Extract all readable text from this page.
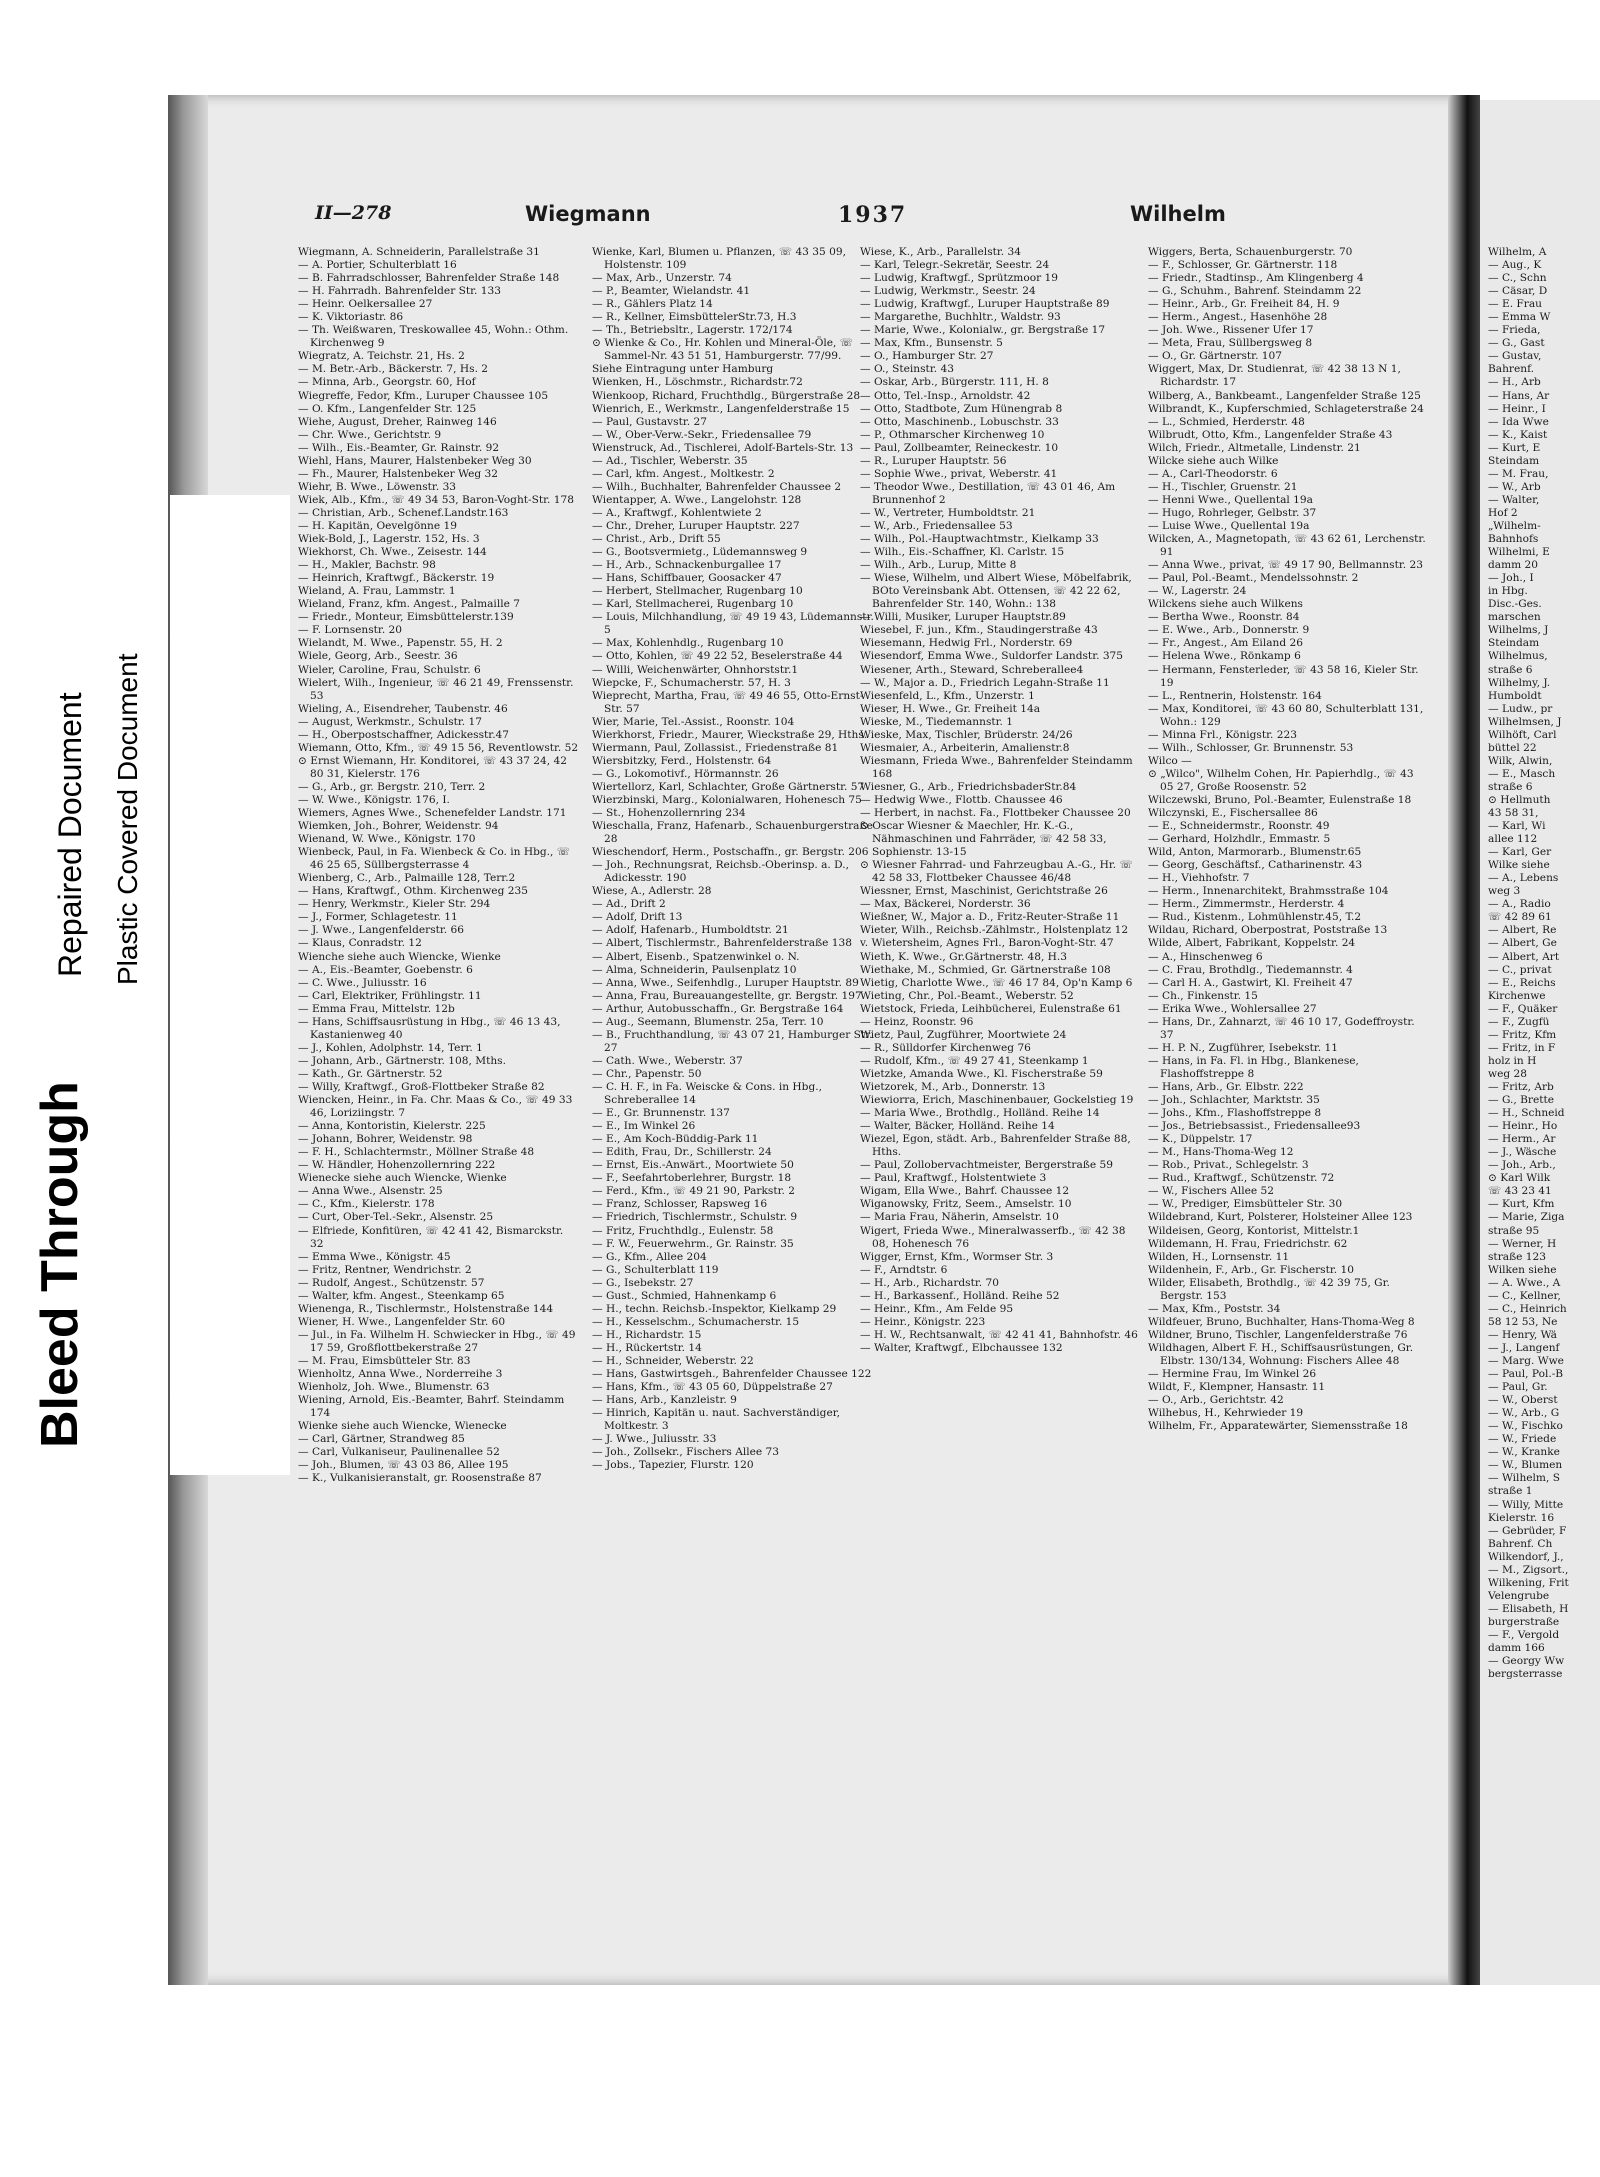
Wilhelm, A

— Aug., K

— C., Schn

— Cäsar, D

— E. Frau

— Emma W

— Frieda,

— G., Gast

— Gustav,

Bahrenf.

— H., Arb

— Hans, Ar

— Heinr., I

— Ida Wwe

— K., Kaist

— Kurt, E

Steindam

— M. Frau,

— W., Arb

— Walter,

Hof 2

„Wilhelm-

Bahnhofs

Wilhelmi, E

damm 20

— Joh., I

in Hbg.

Disc.-Ges.

marschen

Wilhelms, J

Steindam

Wilhelmus,

straße 6

Wilhelmy, J.

Humboldt

— Ludw., pr

Wilhelmsen, J

Wilhöft, Carl

büttel 22

Wilk, Alwin,

— E., Masch

straße 6

⊙ Hellmuth

43 58 31,

— Karl, Wi

allee 112

— Karl, Ger

Wilke siehe

— A., Lebens

weg 3

— A., Radio

☏ 42 89 61

— Albert, Re

— Albert, Ge

— Albert, Art

— C., privat

— E., Reichs

Kirchenwe

— F., Quäker

— F., Zugfü

— Fritz, Kfm

— Fritz, in F

holz in H

weg 28

— Fritz, Arb

— G., Brette

— H., Schneid

— Heinr., Ho

— Herm., Ar

— J., Wäsche

— Joh., Arb.,

⊙ Karl Wilk

☏ 43 23 41

— Kurt, Kfm

— Marie, Ziga

straße 95

— Werner, H

straße 123

Wilken siehe

— A. Wwe., A

— C., Kellner,

— C., Heinrich

58 12 53, Ne

— Henry, Wä

— J., Langenf

— Marg. Wwe

— Paul, Pol.-B

— Paul, Gr.

— W., Oberst

— W., Arb., G

— W., Fischko

— W., Friede

— W., Kranke

— W., Blumen

— Wilhelm, S

straße 1

— Willy, Mitte

Kielerstr. 16

— Gebrüder, F

Bahrenf. Ch

Wilkendorf, J.,

— M., Zigsort.,

Wilkening, Frit

Velengrube

— Elisabeth, H

burgerstraße

— F., Vergold

damm 166

— Georgy Ww

bergsterrasse

II—278	Wiegmann	1937	Wilhelm

Wiegmann, A. Schneiderin, Parallelstraße 31

— A. Portier, Schulterblatt 16

— B. Fahrradschlosser, Bahrenfelder Straße 148

— H. Fahrradh. Bahrenfelder Str. 133

— Heinr. Oelkersallee 27

— K. Viktoriastr. 86

— Th. Weißwaren, Treskowallee 45, Wohn.: Othm. Kirchenweg 9

Wiegratz, A. Teichstr. 21, Hs. 2

— M. Betr.-Arb., Bäckerstr. 7, Hs. 2

— Minna, Arb., Georgstr. 60, Hof

Wiegreffe, Fedor, Kfm., Luruper Chaussee 105

— O. Kfm., Langenfelder Str. 125

Wiehe, August, Dreher, Rainweg 146

— Chr. Wwe., Gerichtstr. 9

— Wilh., Eis.-Beamter, Gr. Rainstr. 92

Wiehl, Hans, Maurer, Halstenbeker Weg 30

— Fh., Maurer, Halstenbeker Weg 32

Wiehr, B. Wwe., Löwenstr. 33

Wiek, Alb., Kfm., ☏ 49 34 53, Baron-Voght-Str. 178

— Christian, Arb., Schenef.Landstr.163

— H. Kapitän, Oevelgönne 19

Wiek-Bold, J., Lagerstr. 152, Hs. 3

Wiekhorst, Ch. Wwe., Zeisestr. 144

— H., Makler, Bachstr. 98

— Heinrich, Kraftwgf., Bäckerstr. 19

Wieland, A. Frau, Lammstr. 1

Wieland, Franz, kfm. Angest., Palmaille 7

— Friedr., Monteur, Eimsbüttelerstr.139

— F. Lornsenstr. 20

Wielandt, M. Wwe., Papenstr. 55, H. 2

Wiele, Georg, Arb., Seestr. 36

Wieler, Caroline, Frau, Schulstr. 6

Wielert, Wilh., Ingenieur, ☏ 46 21 49, Frenssenstr. 53

Wieling, A., Eisendreher, Taubenstr. 46

— August, Werkmstr., Schulstr. 17

— H., Oberpostschaffner, Adickesstr.47

Wiemann, Otto, Kfm., ☏ 49 15 56, Reventlowstr. 52

⊙ Ernst Wiemann, Hr. Konditorei, ☏ 43 37 24, 42 80 31, Kielerstr. 176

— G., Arb., gr. Bergstr. 210, Terr. 2

— W. Wwe., Königstr. 176, I.

Wiemers, Agnes Wwe., Schenefelder Landstr. 171

Wiemken, Joh., Bohrer, Weidenstr. 94

Wienand, W. Wwe., Königstr. 170

Wienbeck, Paul, in Fa. Wienbeck & Co. in Hbg., ☏ 46 25 65, Süllbergsterrasse 4

Wienberg, C., Arb., Palmaille 128, Terr.2

— Hans, Kraftwgf., Othm. Kirchenweg 235

— Henry, Werkmstr., Kieler Str. 294

— J., Former, Schlagetestr. 11

— J. Wwe., Langenfelderstr. 66

— Klaus, Conradstr. 12

Wienche siehe auch Wiencke, Wienke

— A., Eis.-Beamter, Goebenstr. 6

— C. Wwe., Juliusstr. 16

— Carl, Elektriker, Frühlingstr. 11

— Emma Frau, Mittelstr. 12b

— Hans, Schiffsausrüstung in Hbg., ☏ 46 13 43, Kastanienweg 40

— J., Kohlen, Adolphstr. 14, Terr. 1

— Johann, Arb., Gärtnerstr. 108, Mths.

— Kath., Gr. Gärtnerstr. 52

— Willy, Kraftwgf., Groß-Flottbeker Straße 82

Wiencken, Heinr., in Fa. Chr. Maas & Co., ☏ 49 33 46, Loriziingstr. 7

— Anna, Kontoristin, Kielerstr. 225

— Johann, Bohrer, Weidenstr. 98

— F. H., Schlachtermstr., Möllner Straße 48

— W. Händler, Hohenzollernring 222

Wienecke siehe auch Wiencke, Wienke

— Anna Wwe., Alsenstr. 25

— C., Kfm., Kielerstr. 178

— Curt, Ober-Tel.-Sekr., Alsenstr. 25

— Elfriede, Konfitüren, ☏ 42 41 42, Bismarckstr. 32

— Emma Wwe., Königstr. 45

— Fritz, Rentner, Wendrichstr. 2

— Rudolf, Angest., Schützenstr. 57

— Walter, kfm. Angest., Steenkamp 65

Wienenga, R., Tischlermstr., Holstenstraße 144

Wiener, H. Wwe., Langenfelder Str. 60

— Jul., in Fa. Wilhelm H. Schwiecker in Hbg., ☏ 49 17 59, Großflottbekerstraße 27

— M. Frau, Eimsbütteler Str. 83

Wienholtz, Anna Wwe., Norderreihe 3

Wienholz, Joh. Wwe., Blumenstr. 63

Wiening, Arnold, Eis.-Beamter, Bahrf. Steindamm 174

Wienke siehe auch Wiencke, Wienecke

— Carl, Gärtner, Strandweg 85

— Carl, Vulkaniseur, Paulinenallee 52

— Joh., Blumen, ☏ 43 03 86, Allee 195

— K., Vulkanisieranstalt, gr. Roosenstraße 87

Wienke, Karl, Blumen u. Pflanzen, ☏ 43 35 09, Holstenstr. 109

— Max, Arb., Unzerstr. 74

— P., Beamter, Wielandstr. 41

— R., Gählers Platz 14

— R., Kellner, EimsbüttelerStr.73, H.3

— Th., Betriebsltr., Lagerstr. 172/174

⊙ Wienke & Co., Hr. Kohlen und Mineral-Öle, ☏ Sammel-Nr. 43 51 51, Hamburgerstr. 77/99.

Siehe Eintragung unter Hamburg

Wienken, H., Löschmstr., Richardstr.72

Wienkoop, Richard, Fruchthdlg., Bürgerstraße 28

Wienrich, E., Werkmstr., Langenfelderstraße 15

— Paul, Gustavstr. 27

— W., Ober-Verw.-Sekr., Friedensallee 79

Wienstruck, Ad., Tischlerei, Adolf-Bartels-Str. 13

— Ad., Tischler, Weberstr. 35

— Carl, kfm. Angest., Moltkestr. 2

— Wilh., Buchhalter, Bahrenfelder Chaussee 2

Wientapper, A. Wwe., Langelohstr. 128

— A., Kraftwgf., Kohlentwiete 2

— Chr., Dreher, Luruper Hauptstr. 227

— Christ., Arb., Drift 55

— G., Bootsvermietg., Lüdemannsweg 9

— H., Arb., Schnackenburgallee 17

— Hans, Schiffbauer, Goosacker 47

— Herbert, Stellmacher, Rugenbarg 10

— Karl, Stellmacherei, Rugenbarg 10

— Louis, Milchhandlung, ☏ 49 19 43, Lüdemannstr. 5

— Max, Kohlenhdlg., Rugenbarg 10

— Otto, Kohlen, ☏ 49 22 52, Beselerstraße 44

— Willi, Weichenwärter, Ohnhorststr.1

Wiepcke, F., Schumacherstr. 57, H. 3

Wieprecht, Martha, Frau, ☏ 49 46 55, Otto-Ernst-Str. 57

Wier, Marie, Tel.-Assist., Roonstr. 104

Wierkhorst, Friedr., Maurer, Wieckstraße 29, Hths.

Wiermann, Paul, Zollassist., Friedenstraße 81

Wiersbitzky, Ferd., Holstenstr. 64

— G., Lokomotivf., Hörmannstr. 26

Wiertellorz, Karl, Schlachter, Große Gärtnerstr. 57

Wierzbinski, Marg., Kolonialwaren, Hohenesch 75

— St., Hohenzollernring 234

Wieschalla, Franz, Hafenarb., Schauenburgerstraße 28

Wieschendorf, Herm., Postschaffn., gr. Bergstr. 206

— Joh., Rechnungsrat, Reichsb.-Oberinsp. a. D., Adickesstr. 190

Wiese, A., Adlerstr. 28

— Ad., Drift 2

— Adolf, Drift 13

— Adolf, Hafenarb., Humboldtstr. 21

— Albert, Tischlermstr., Bahrenfelderstraße 138

— Albert, Eisenb., Spatzenwinkel o. N.

— Alma, Schneiderin, Paulsenplatz 10

— Anna, Wwe., Seifenhdlg., Luruper Hauptstr. 89

— Anna, Frau, Bureauangestellte, gr. Bergstr. 197

— Arthur, Autobusschaffn., Gr. Bergstraße 164

— Aug., Seemann, Blumenstr. 25a, Terr. 10

— B., Fruchthandlung, ☏ 43 07 21, Hamburger Str. 27

— Cath. Wwe., Weberstr. 37

— Chr., Papenstr. 50

— C. H. F., in Fa. Weiscke & Cons. in Hbg., Schreberallee 14

— E., Gr. Brunnenstr. 137

— E., Im Winkel 26

— E., Am Koch-Büddig-Park 11

— Edith, Frau, Dr., Schillerstr. 24

— Ernst, Eis.-Anwärt., Moortwiete 50

— F., Seefahrtoberlehrer, Burgstr. 18

— Ferd., Kfm., ☏ 49 21 90, Parkstr. 2

— Franz, Schlosser, Rapsweg 16

— Friedrich, Tischlermstr., Schulstr. 9

— Fritz, Fruchthdlg., Eulenstr. 58

— F. W., Feuerwehrm., Gr. Rainstr. 35

— G., Kfm., Allee 204

— G., Schulterblatt 119

— G., Isebekstr. 27

— Gust., Schmied, Hahnenkamp 6

— H., techn. Reichsb.-Inspektor, Kielkamp 29

— H., Kesselschm., Schumacherstr. 15

— H., Richardstr. 15

— H., Rückertstr. 14

— H., Schneider, Weberstr. 22

— Hans, Gastwirtsgeh., Bahrenfelder Chaussee 122

— Hans, Kfm., ☏ 43 05 60, Düppelstraße 27

— Hans, Arb., Kanzleistr. 9

— Hinrich, Kapitän u. naut. Sachverständiger, Moltkestr. 3

— J. Wwe., Juliusstr. 33

— Joh., Zollsekr., Fischers Allee 73

— Jobs., Tapezier, Flurstr. 120

Wiese, K., Arb., Parallelstr. 34

— Karl, Telegr.-Sekretär, Seestr. 24

— Ludwig, Kraftwgf., Sprützmoor 19

— Ludwig, Werkmstr., Seestr. 24

— Ludwig, Kraftwgf., Luruper Hauptstraße 89

— Margarethe, Buchhltr., Waldstr. 93

— Marie, Wwe., Kolonialw., gr. Bergstraße 17

— Max, Kfm., Bunsenstr. 5

— O., Hamburger Str. 27

— O., Steinstr. 43

— Oskar, Arb., Bürgerstr. 111, H. 8

— Otto, Tel.-Insp., Arnoldstr. 42

— Otto, Stadtbote, Zum Hünengrab 8

— Otto, Maschinenb., Lobuschstr. 33

— P., Othmarscher Kirchenweg 10

— Paul, Zollbeamter, Reineckestr. 10

— R., Luruper Hauptstr. 56

— Sophie Wwe., privat, Weberstr. 41

— Theodor Wwe., Destillation, ☏ 43 01 46, Am Brunnenhof 2

— W., Vertreter, Humboldtstr. 21

— W., Arb., Friedensallee 53

— Wilh., Pol.-Hauptwachtmstr., Kielkamp 33

— Wilh., Eis.-Schaffner, Kl. Carlstr. 15

— Wilh., Arb., Lurup, Mitte 8

— Wiese, Wilhelm, und Albert Wiese, Möbelfabrik, BOto Vereinsbank Abt. Ottensen, ☏ 42 22 62, Bahrenfelder Str. 140, Wohn.: 138

— Willi, Musiker, Luruper Hauptstr.89

Wiesebel, F. jun., Kfm., Staudingerstraße 43

Wiesemann, Hedwig Frl., Norderstr. 69

Wiesendorf, Emma Wwe., Suldorfer Landstr. 375

Wiesener, Arth., Steward, Schreberallee4

— W., Major a. D., Friedrich Legahn-Straße 11

Wiesenfeld, L., Kfm., Unzerstr. 1

Wieser, H. Wwe., Gr. Freiheit 14a

Wieske, M., Tiedemannstr. 1

Wieske, Max, Tischler, Brüderstr. 24/26

Wiesmaier, A., Arbeiterin, Amalienstr.8

Wiesmann, Frieda Wwe., Bahrenfelder Steindamm 168

Wiesner, G., Arb., FriedrichsbaderStr.84

— Hedwig Wwe., Flottb. Chaussee 46

— Herbert, in nachst. Fa., Flottbeker Chaussee 20

⊙ Oscar Wiesner & Maechler, Hr. K.-G., Nähmaschinen und Fahrräder, ☏ 42 58 33, Sophienstr. 13-15

⊙ Wiesner Fahrrad- und Fahrzeugbau A.-G., Hr. ☏ 42 58 33, Flottbeker Chaussee 46/48

Wiessner, Ernst, Maschinist, Gerichtstraße 26

— Max, Bäckerei, Norderstr. 36

Wießner, W., Major a. D., Fritz-Reuter-Straße 11

Wieter, Wilh., Reichsb.-Zählmstr., Holstenplatz 12

v. Wietersheim, Agnes Frl., Baron-Voght-Str. 47

Wieth, K. Wwe., Gr.Gärtnerstr. 48, H.3

Wiethake, M., Schmied, Gr. Gärtnerstraße 108

Wietig, Charlotte Wwe., ☏ 46 17 84, Op'n Kamp 6

Wieting, Chr., Pol.-Beamt., Weberstr. 52

Wietstock, Frieda, Leihbücherei, Eulenstraße 61

— Heinz, Roonstr. 96

Wietz, Paul, Zugführer, Moortwiete 24

— R., Sülldorfer Kirchenweg 76

— Rudolf, Kfm., ☏ 49 27 41, Steenkamp 1

Wietzke, Amanda Wwe., Kl. Fischerstraße 59

Wietzorek, M., Arb., Donnerstr. 13

Wiewiorra, Erich, Maschinenbauer, Gockelstieg 19

— Maria Wwe., Brothdlg., Holländ. Reihe 14

— Walter, Bäcker, Holländ. Reihe 14

Wiezel, Egon, städt. Arb., Bahrenfelder Straße 88, Hths.

— Paul, Zollobervachtmeister, Bergerstraße 59

— Paul, Kraftwgf., Holstentwiete 3

Wigam, Ella Wwe., Bahrf. Chaussee 12

Wiganowsky, Fritz, Seem., Amselstr. 10

— Maria Frau, Näherin, Amselstr. 10

Wigert, Frieda Wwe., Mineralwasserfb., ☏ 42 38 08, Hohenesch 76

Wigger, Ernst, Kfm., Wormser Str. 3

— F., Arndtstr. 6

— H., Arb., Richardstr. 70

— H., Barkassenf., Holländ. Reihe 52

— Heinr., Kfm., Am Felde 95

— Heinr., Königstr. 223

— H. W., Rechtsanwalt, ☏ 42 41 41, Bahnhofstr. 46

— Walter, Kraftwgf., Elbchaussee 132

Wiggers, Berta, Schauenburgerstr. 70

— F., Schlosser, Gr. Gärtnerstr. 118

— Friedr., Stadtinsp., Am Klingenberg 4

— G., Schuhm., Bahrenf. Steindamm 22

— Heinr., Arb., Gr. Freiheit 84, H. 9

— Herm., Angest., Hasenhöhe 28

— Joh. Wwe., Rissener Ufer 17

— Meta, Frau, Süllbergsweg 8

— O., Gr. Gärtnerstr. 107

Wiggert, Max, Dr. Studienrat, ☏ 42 38 13 N 1, Richardstr. 17

Wilberg, A., Bankbeamt., Langenfelder Straße 125

Wilbrandt, K., Kupferschmied, Schlageterstraße 24

— L., Schmied, Herderstr. 48

Wilbrudt, Otto, Kfm., Langenfelder Straße 43

Wilch, Friedr., Altmetalle, Lindenstr. 21

Wilcke siehe auch Wilke

— A., Carl-Theodorstr. 6

— H., Tischler, Gruenstr. 21

— Henni Wwe., Quellental 19a

— Hugo, Rohrleger, Gelbstr. 37

— Luise Wwe., Quellental 19a

Wilcken, A., Magnetopath, ☏ 43 62 61, Lerchenstr. 91

— Anna Wwe., privat, ☏ 49 17 90, Bellmannstr. 23

— Paul, Pol.-Beamt., Mendelssohnstr. 2

— W., Lagerstr. 24

Wilckens siehe auch Wilkens

— Bertha Wwe., Roonstr. 84

— E. Wwe., Arb., Donnerstr. 9

— Fr., Angest., Am Eiland 26

— Helena Wwe., Rönkamp 6

— Hermann, Fensterleder, ☏ 43 58 16, Kieler Str. 19

— L., Rentnerin, Holstenstr. 164

— Max, Konditorei, ☏ 43 60 80, Schulterblatt 131, Wohn.: 129

— Minna Frl., Königstr. 223

— Wilh., Schlosser, Gr. Brunnenstr. 53

Wilco —

⊙ „Wilco", Wilhelm Cohen, Hr. Papierhdlg., ☏ 43 05 27, Große Roosenstr. 52

Wilczewski, Bruno, Pol.-Beamter, Eulenstraße 18

Wilczynski, E., Fischersallee 86

— E., Schneidermstr., Roonstr. 49

— Gerhard, Holzhdlr., Emmastr. 5

Wild, Anton, Marmorarb., Blumenstr.65

— Georg, Geschäftsf., Catharinenstr. 43

— H., Viehhofstr. 7

— Herm., Innenarchitekt, Brahmsstraße 104

— Herm., Zimmermstr., Herderstr. 4

— Rud., Kistenm., Lohmühlenstr.45, T.2

Wildau, Richard, Oberpostrat, Poststraße 13

Wilde, Albert, Fabrikant, Koppelstr. 24

— A., Hinschenweg 6

— C. Frau, Brothdlg., Tiedemannstr. 4

— Carl H. A., Gastwirt, Kl. Freiheit 47

— Ch., Finkenstr. 15

— Erika Wwe., Wohlersallee 27

— Hans, Dr., Zahnarzt, ☏ 46 10 17, Godeffroystr. 37

— H. P. N., Zugführer, Isebekstr. 11

— Hans, in Fa. Fl. in Hbg., Blankenese, Flashoffstreppe 8

— Hans, Arb., Gr. Elbstr. 222

— Joh., Schlachter, Marktstr. 35

— Johs., Kfm., Flashoffstreppe 8

— Jos., Betriebsassist., Friedensallee93

— K., Düppelstr. 17

— M., Hans-Thoma-Weg 12

— Rob., Privat., Schlegelstr. 3

— Rud., Kraftwgf., Schützenstr. 72

— W., Fischers Allee 52

— W., Prediger, Eimsbütteler Str. 30

Wildebrand, Kurt, Polsterer, Holsteiner Allee 123

Wildeisen, Georg, Kontorist, Mittelstr.1

Wildemann, H. Frau, Friedrichstr. 62

Wilden, H., Lornsenstr. 11

Wildenhein, F., Arb., Gr. Fischerstr. 10

Wilder, Elisabeth, Brothdlg., ☏ 42 39 75, Gr. Bergstr. 153

— Max, Kfm., Poststr. 34

Wildfeuer, Bruno, Buchhalter, Hans-Thoma-Weg 8

Wildner, Bruno, Tischler, Langenfelderstraße 76

Wildhagen, Albert F. H., Schiffsausrüstungen, Gr. Elbstr. 130/134, Wohnung: Fischers Allee 48

— Hermine Frau, Im Winkel 26

Wildt, F., Klempner, Hansastr. 11

— O., Arb., Gerichtstr. 42

Wilhebus, H., Kehrwieder 19

Wilhelm, Fr., Apparatewärter, Siemensstraße 18

Bleed Through
Repaired Document Plastic Covered Document
